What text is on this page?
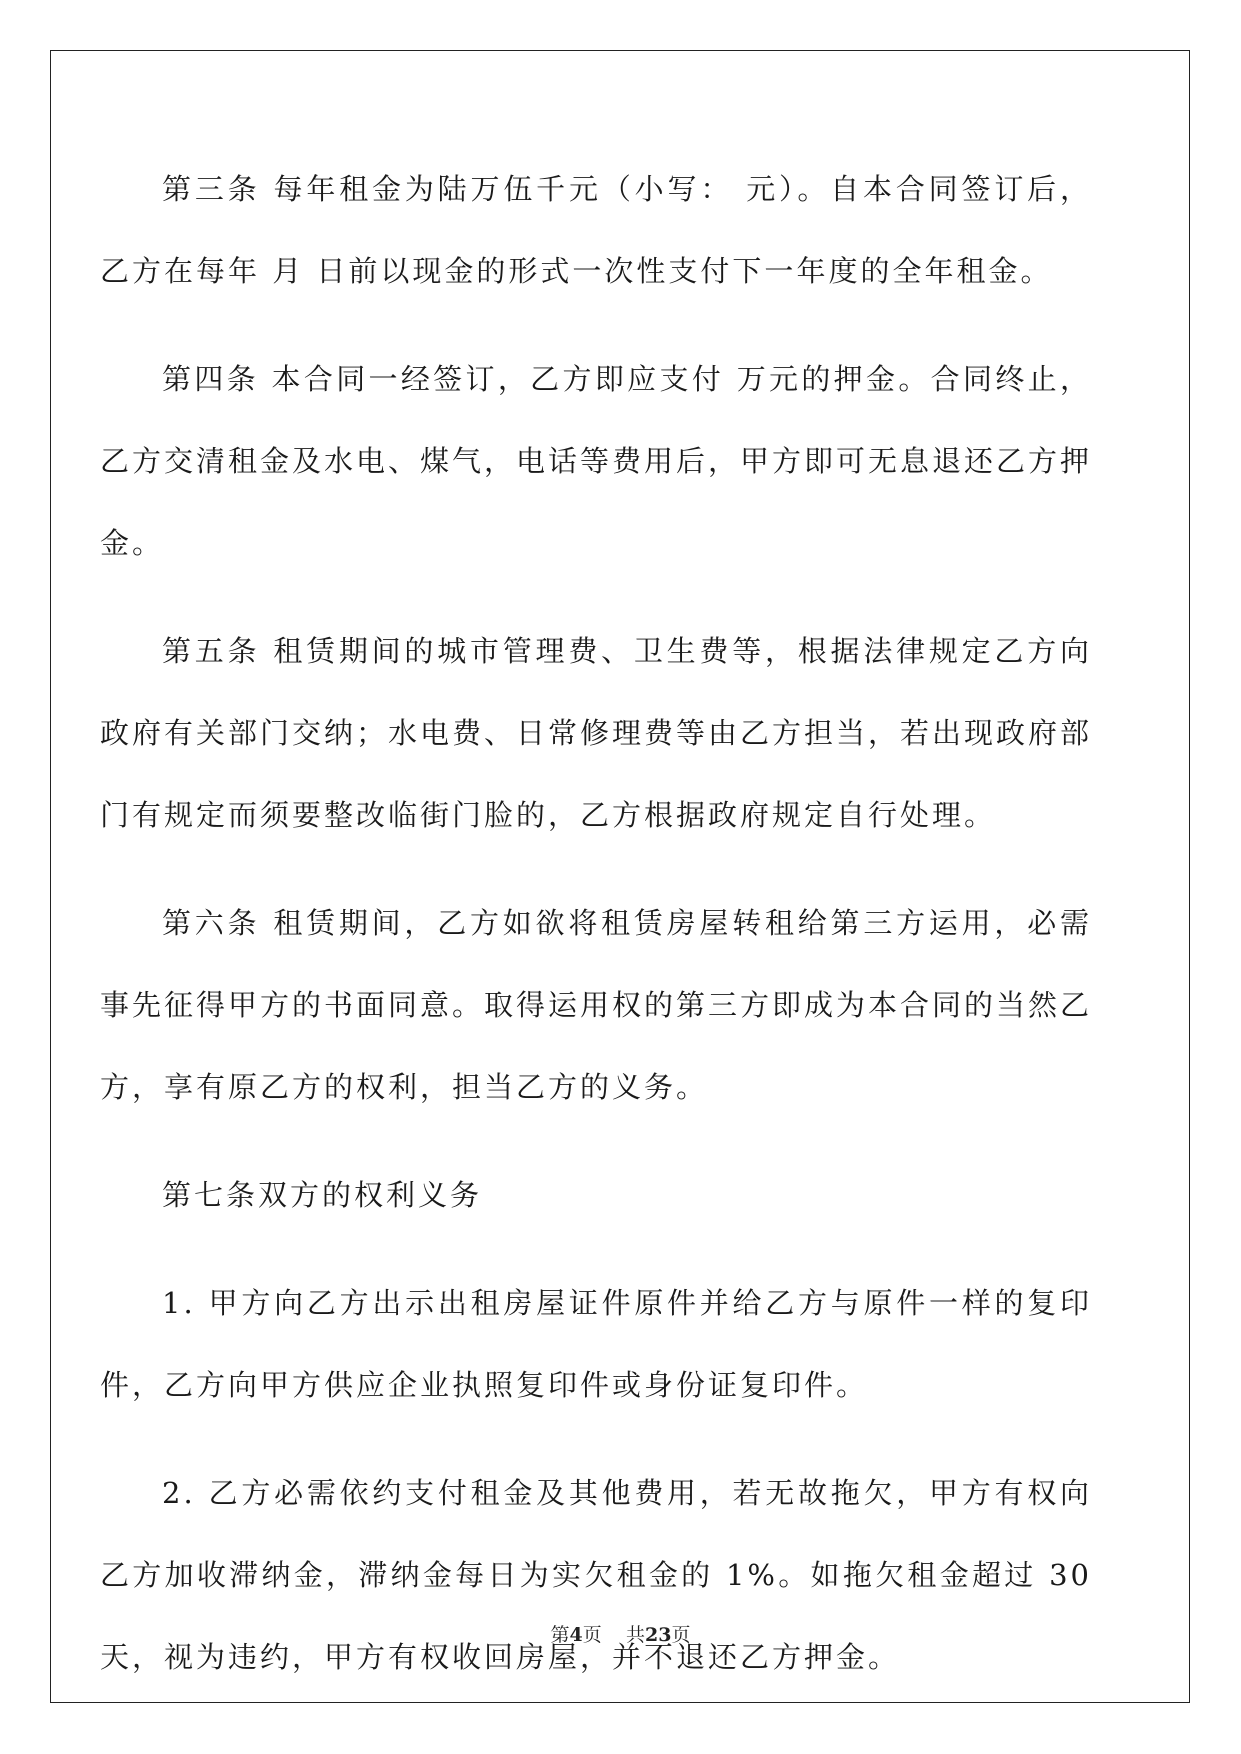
第三条 每年租金为陆万伍千元（小写： 元）。自本合同签订后，乙方在每年 月 日前以现金的形式一次性支付下一年度的全年租金。

第四条 本合同一经签订，乙方即应支付 万元的押金。合同终止，乙方交清租金及水电、煤气，电话等费用后，甲方即可无息退还乙方押金。

第五条 租赁期间的城市管理费、卫生费等，根据法律规定乙方向政府有关部门交纳；水电费、日常修理费等由乙方担当，若出现政府部门有规定而须要整改临街门脸的，乙方根据政府规定自行处理。

第六条 租赁期间，乙方如欲将租赁房屋转租给第三方运用，必需事先征得甲方的书面同意。取得运用权的第三方即成为本合同的当然乙方，享有原乙方的权利，担当乙方的义务。

第七条双方的权利义务

1. 甲方向乙方出示出租房屋证件原件并给乙方与原件一样的复印件，乙方向甲方供应企业执照复印件或身份证复印件。

2. 乙方必需依约支付租金及其他费用，若无故拖欠，甲方有权向乙方加收滞纳金，滞纳金每日为实欠租金的 1%。如拖欠租金超过 30 天，视为违约，甲方有权收回房屋，并不退还乙方押金。

第4页 共23页
